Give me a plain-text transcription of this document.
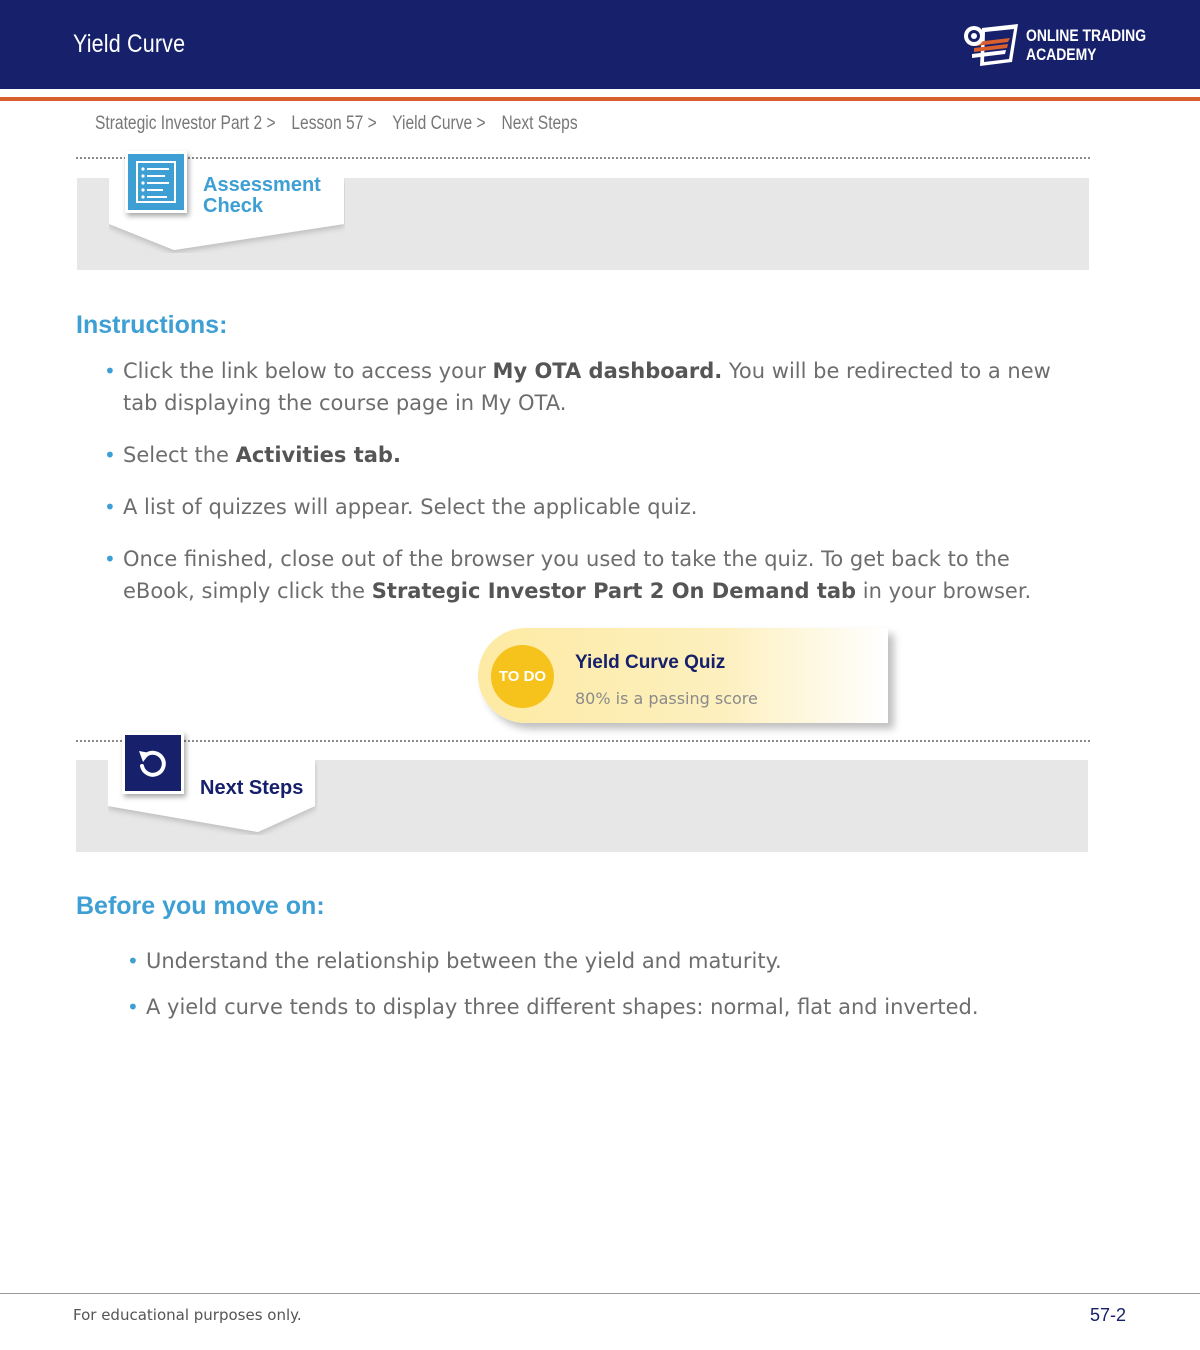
Yield Curve	ONLINE TRADING
ACADEMY
Strategic Investor Part 2 > Lesson 57 > Yield Curve > Next Steps
Assessment
Check
Instructions:
• Click the link below to access your My OTA dashboard. You will be redirected to a new tab displaying the course page in My OTA.
• Select the Activities tab.
• A list of quizzes will appear. Select the applicable quiz.
• Once finished, close out of the browser you used to take the quiz. To get back to the eBook, simply click the Strategic Investor Part 2 On Demand tab in your browser.
TO DO
Yield Curve Quiz
80% is a passing score
Next Steps
Before you move on:
• Understand the relationship between the yield and maturity.
• A yield curve tends to display three different shapes: normal, flat and inverted.
For educational purposes only.	57-2
